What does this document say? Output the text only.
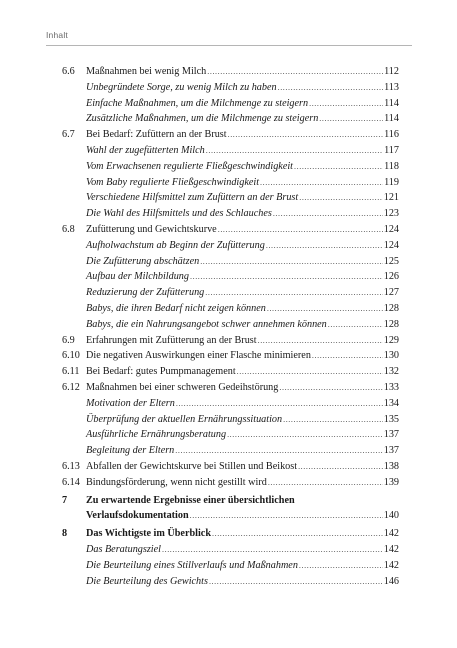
Inhalt
6.6	Maßnahmen bei wenig Milch .....	112
Unbegründete Sorge, zu wenig Milch zu haben .....	113
Einfache Maßnahmen, um die Milchmenge zu steigern .....	114
Zusätzliche Maßnahmen, um die Milchmenge zu steigern .....	114
6.7	Bei Bedarf: Zufüttern an der Brust .....	116
Wahl der zugefütterten Milch .....	117
Vom Erwachsenen regulierte Fließgeschwindigkeit .....	118
Vom Baby regulierte Fließgeschwindigkeit .....	119
Verschiedene Hilfsmittel zum Zufüttern an der Brust .....	121
Die Wahl des Hilfsmittels und des Schlauches .....	123
6.8	Zufütterung und Gewichtskurve .....	124
Aufholwachstum ab Beginn der Zufütterung .....	124
Die Zufütterung abschätzen .....	125
Aufbau der Milchbildung .....	126
Reduzierung der Zufütterung .....	127
Babys, die ihren Bedarf nicht zeigen können .....	128
Babys, die ein Nahrungsangebot schwer annehmen können .....	128
6.9	Erfahrungen mit Zufütterung an der Brust .....	129
6.10 Die negativen Auswirkungen einer Flasche minimieren .....	130
6.11 Bei Bedarf: gutes Pumpmanagement .....	132
6.12 Maßnahmen bei einer schweren Gedeihstörung .....	133
Motivation der Eltern .....	134
Überprüfung der aktuellen Ernährungssituation .....	135
Ausführliche Ernährungsberatung .....	137
Begleitung der Eltern .....	137
6.13 Abfallen der Gewichtskurve bei Stillen und Beikost .....	138
6.14 Bindungsförderung, wenn nicht gestillt wird .....	139
7	Zu erwartende Ergebnisse einer übersichtlichen
Verlaufsdokumentation .....	140
8	Das Wichtigste im Überblick .....	142
Das Beratungsziel .....	142
Die Beurteilung eines Stillverlaufs und Maßnahmen .....	142
Die Beurteilung des Gewichts .....	146
